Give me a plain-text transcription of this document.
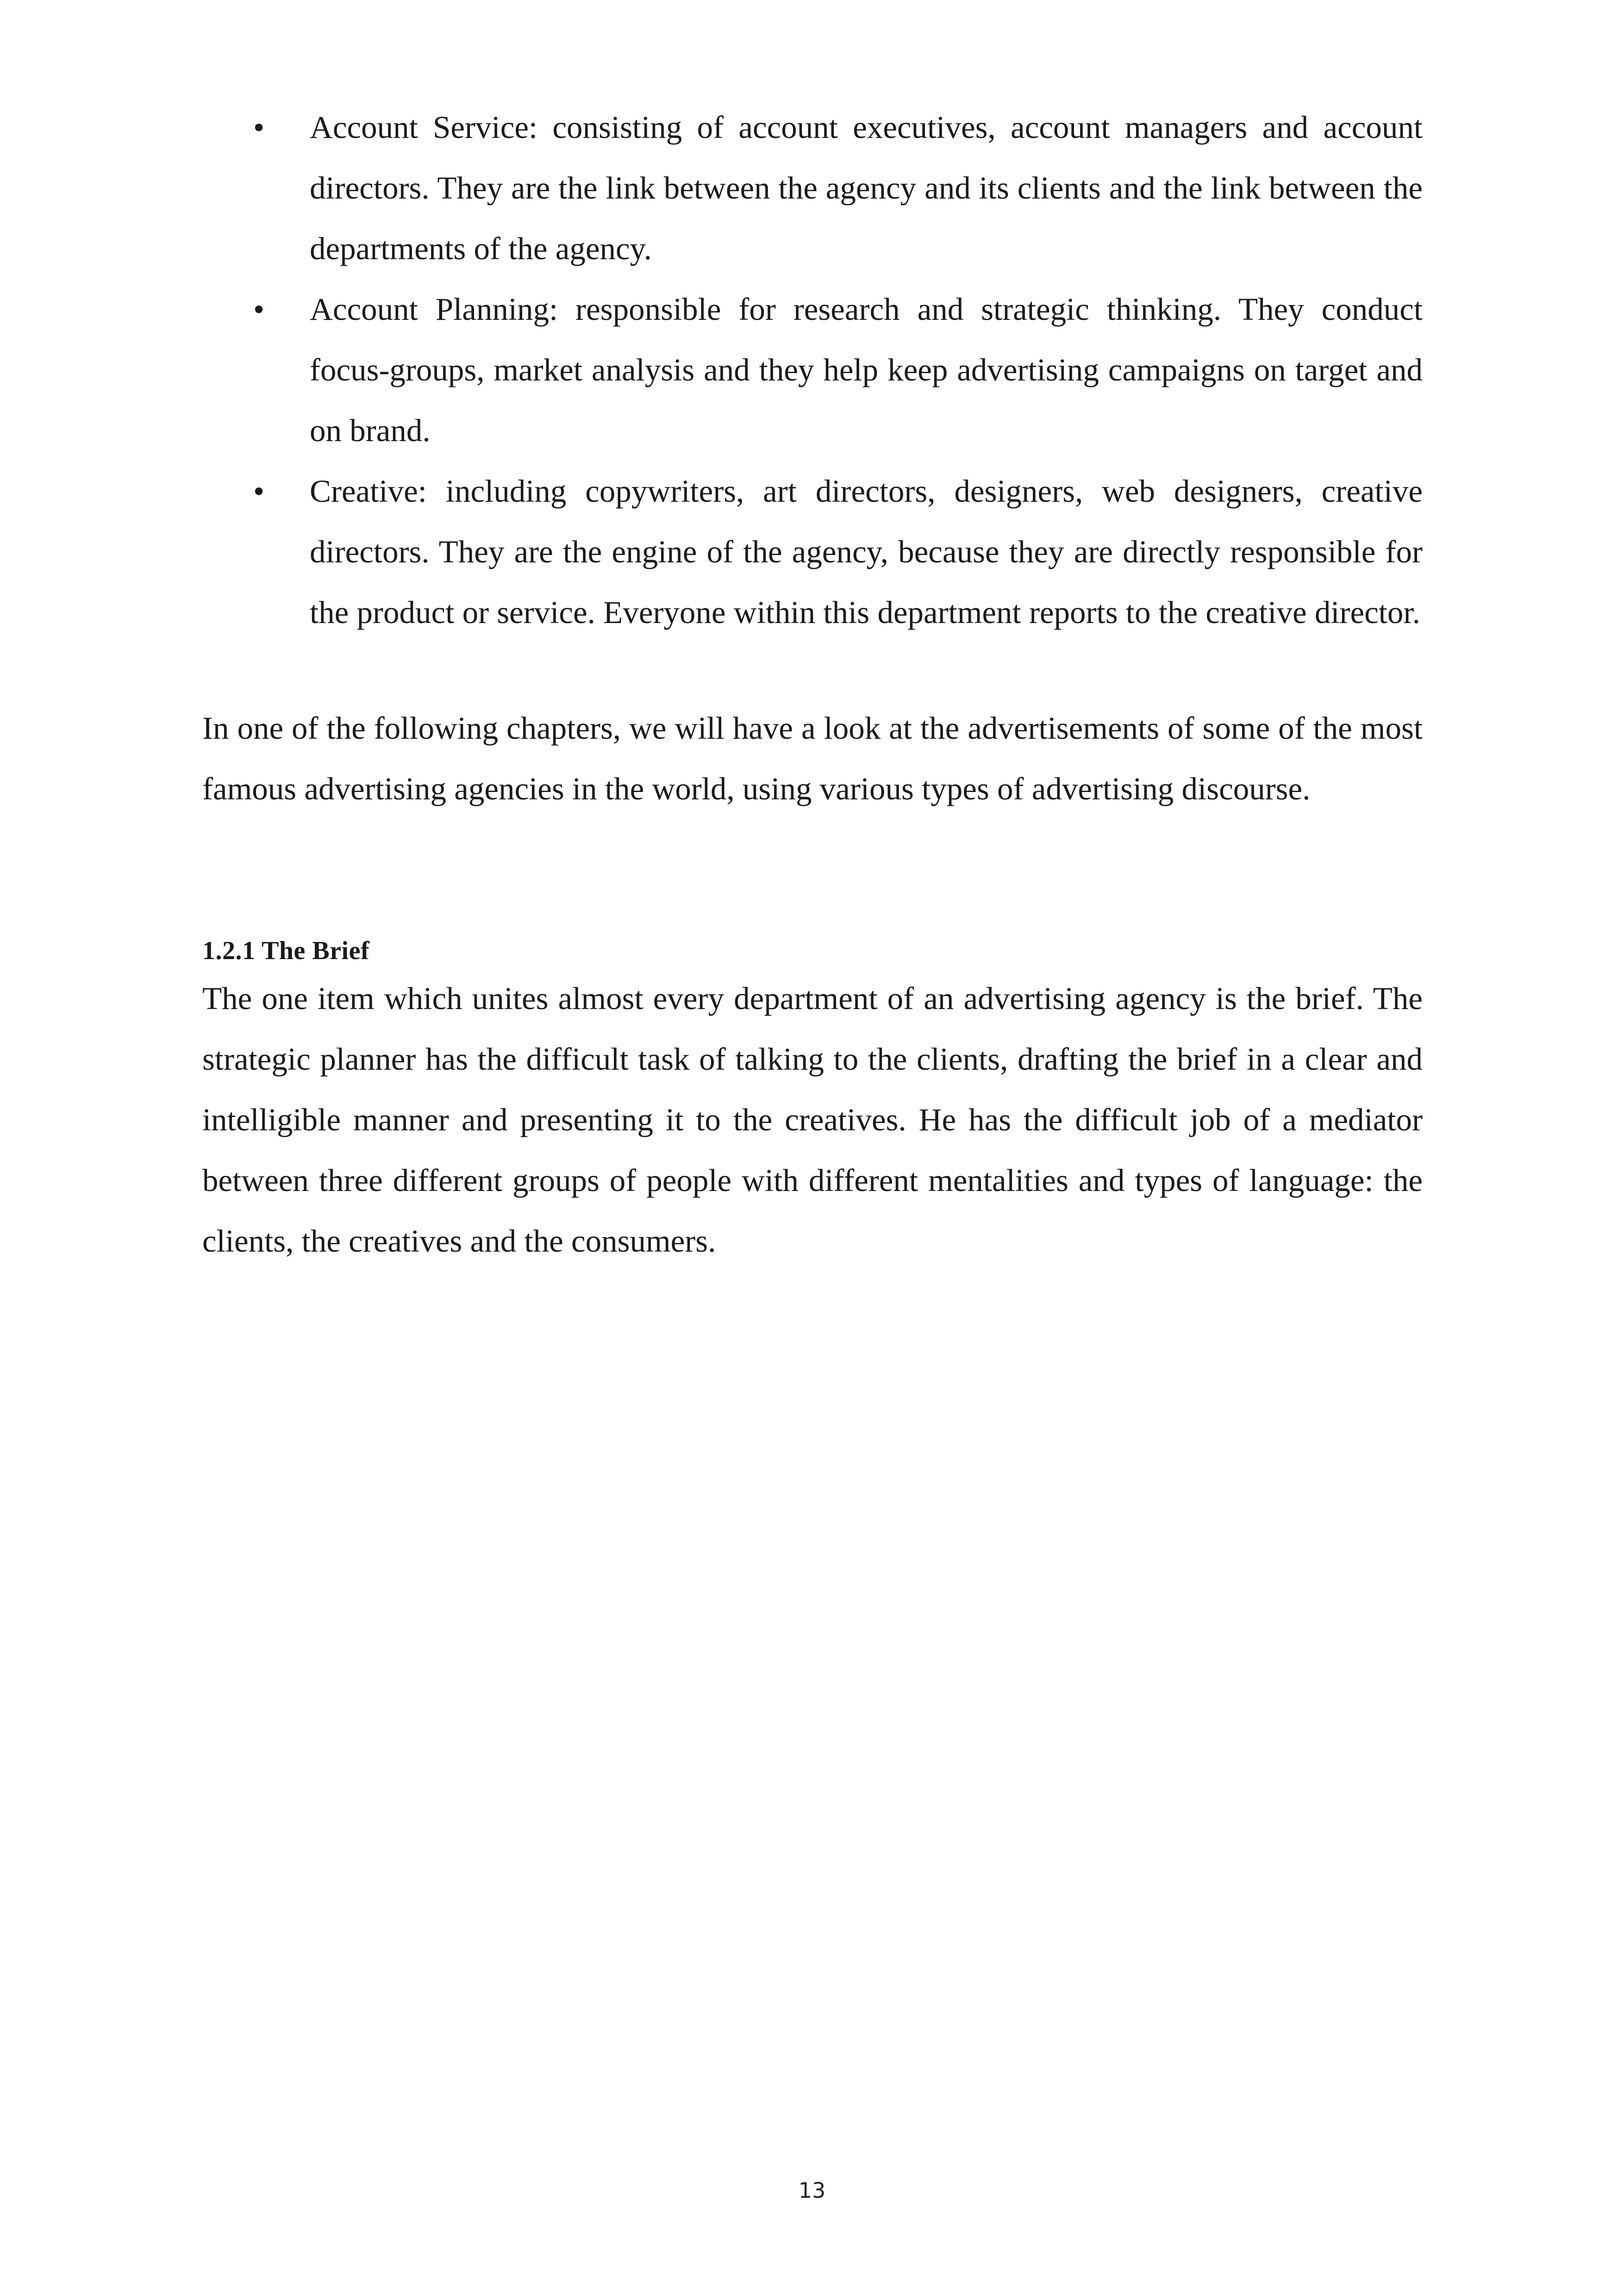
• Account Service: consisting of account executives, account managers and account directors. They are the link between the agency and its clients and the link between the departments of the agency.
• Account Planning: responsible for research and strategic thinking. They conduct focus-groups, market analysis and they help keep advertising campaigns on target and on brand.
• Creative: including copywriters, art directors, designers, web designers, creative directors. They are the engine of the agency, because they are directly responsible for the product or service. Everyone within this department reports to the creative director.

In one of the following chapters, we will have a look at the advertisements of some of the most famous advertising agencies in the world, using various types of advertising discourse.

1.2.1 The Brief

The one item which unites almost every department of an advertising agency is the brief. The strategic planner has the difficult task of talking to the clients, drafting the brief in a clear and intelligible manner and presenting it to the creatives. He has the difficult job of a mediator between three different groups of people with different mentalities and types of language: the clients, the creatives and the consumers.

13
